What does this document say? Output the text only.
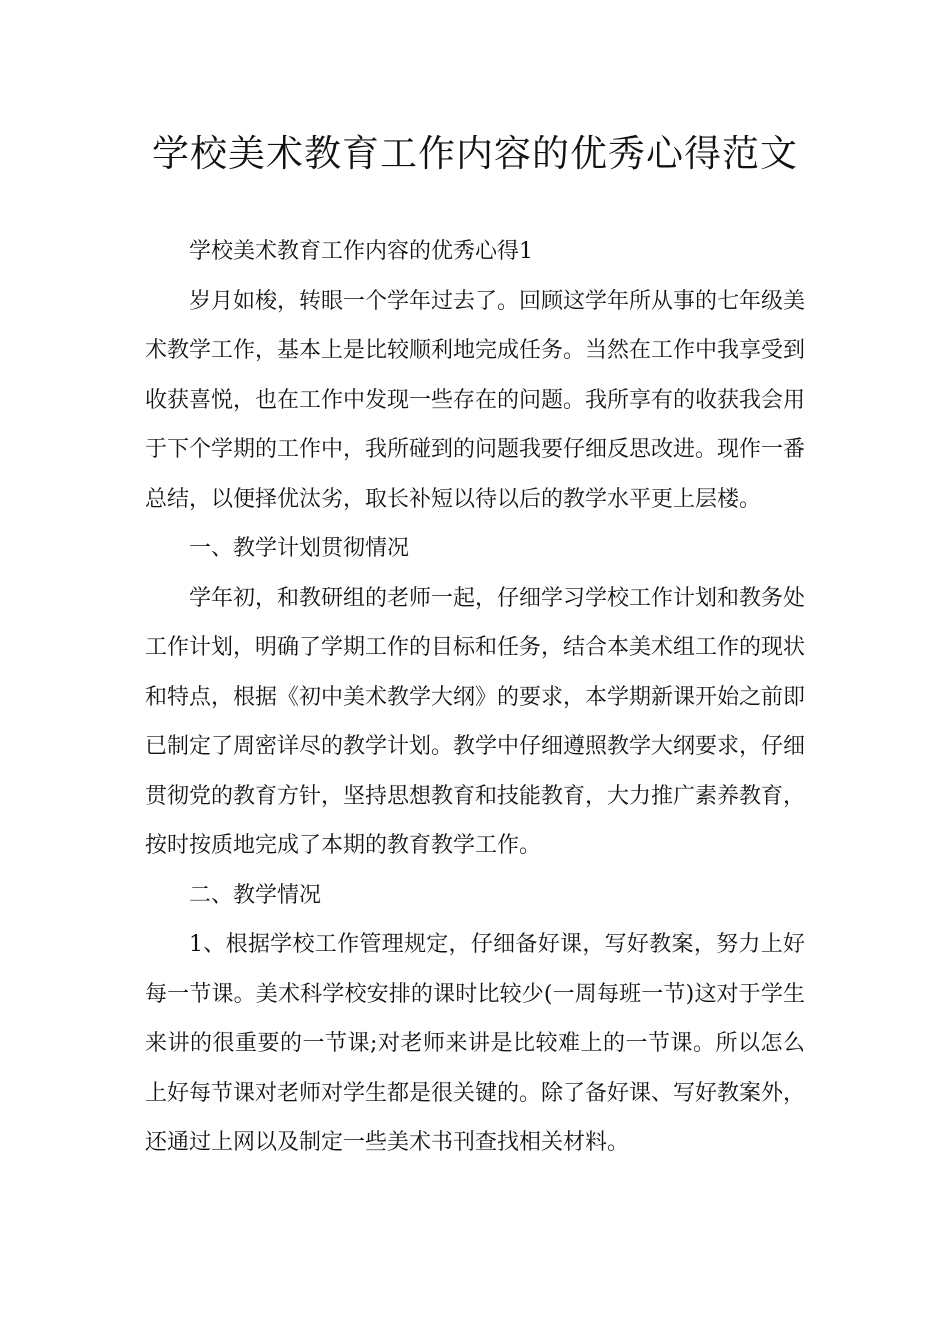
学校美术教育工作内容的优秀心得范文

学校美术教育工作内容的优秀心得1

岁月如梭，转眼一个学年过去了。回顾这学年所从事的七年级美术教学工作，基本上是比较顺利地完成任务。当然在工作中我享受到收获喜悦，也在工作中发现一些存在的问题。我所享有的收获我会用于下个学期的工作中，我所碰到的问题我要仔细反思改进。现作一番总结，以便择优汰劣，取长补短以待以后的教学水平更上层楼。

一、教学计划贯彻情况

学年初，和教研组的老师一起，仔细学习学校工作计划和教务处工作计划，明确了学期工作的目标和任务，结合本美术组工作的现状和特点，根据《初中美术教学大纲》的要求，本学期新课开始之前即已制定了周密详尽的教学计划。教学中仔细遵照教学大纲要求，仔细贯彻党的教育方针，坚持思想教育和技能教育，大力推广素养教育，按时按质地完成了本期的教育教学工作。

二、教学情况

1、根据学校工作管理规定，仔细备好课，写好教案，努力上好每一节课。美术科学校安排的课时比较少(一周每班一节)这对于学生来讲的很重要的一节课;对老师来讲是比较难上的一节课。所以怎么上好每节课对老师对学生都是很关键的。除了备好课、写好教案外，还通过上网以及制定一些美术书刊查找相关材料。
